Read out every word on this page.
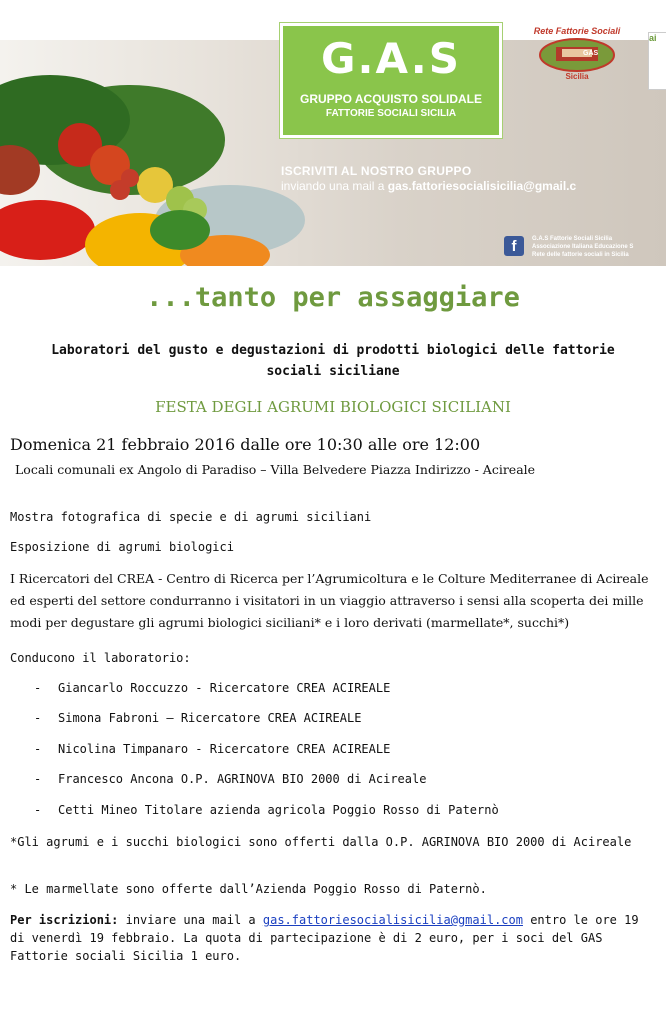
G.A.S
GRUPPO ACQUISTO SOLIDALE
FATTORIE SOCIALI SICILIA
Rete Fattorie Sociali
GAS
Sicilia
ai
ISCRIVITI AL NOSTRO GRUPPO
inviando una mail a gas.fattoriesocialisicilia@gmail.c
f	G.A.S Fattorie Sociali Sicilia
Associazione Italiana Educazione S
Rete delle fattorie sociali in Sicilia
...tanto per assaggiare
Laboratori del gusto e degustazioni di prodotti biologici delle fattorie sociali siciliane
FESTA DEGLI AGRUMI BIOLOGICI SICILIANI
Domenica 21 febbraio 2016 dalle ore 10:30 alle ore 12:00
Locali comunali ex Angolo di Paradiso – Villa Belvedere Piazza Indirizzo - Acireale
Mostra fotografica di specie e di agrumi siciliani
Esposizione di agrumi biologici
I Ricercatori del CREA - Centro di Ricerca per l’Agrumicoltura e le Colture Mediterranee di Acireale ed esperti del settore condurranno i visitatori in un viaggio attraverso i sensi alla scoperta dei mille modi per degustare gli agrumi biologici siciliani* e i loro derivati (marmellate*, succhi*)
Conducono il laboratorio:
- Giancarlo Roccuzzo - Ricercatore CREA ACIREALE
- Simona Fabroni – Ricercatore CREA ACIREALE
- Nicolina Timpanaro - Ricercatore CREA ACIREALE
- Francesco Ancona O.P. AGRINOVA BIO 2000 di Acireale
- Cetti Mineo Titolare azienda agricola Poggio Rosso di Paternò
*Gli agrumi e i succhi biologici sono offerti dalla O.P. AGRINOVA BIO 2000 di Acireale
* Le marmellate sono offerte dall’Azienda Poggio Rosso di Paternò.
Per iscrizioni: inviare una mail a gas.fattoriesocialisicilia@gmail.com entro le ore 19 di venerdì 19 febbraio. La quota di partecipazione è di 2 euro, per i soci del GAS Fattorie sociali Sicilia 1 euro.
